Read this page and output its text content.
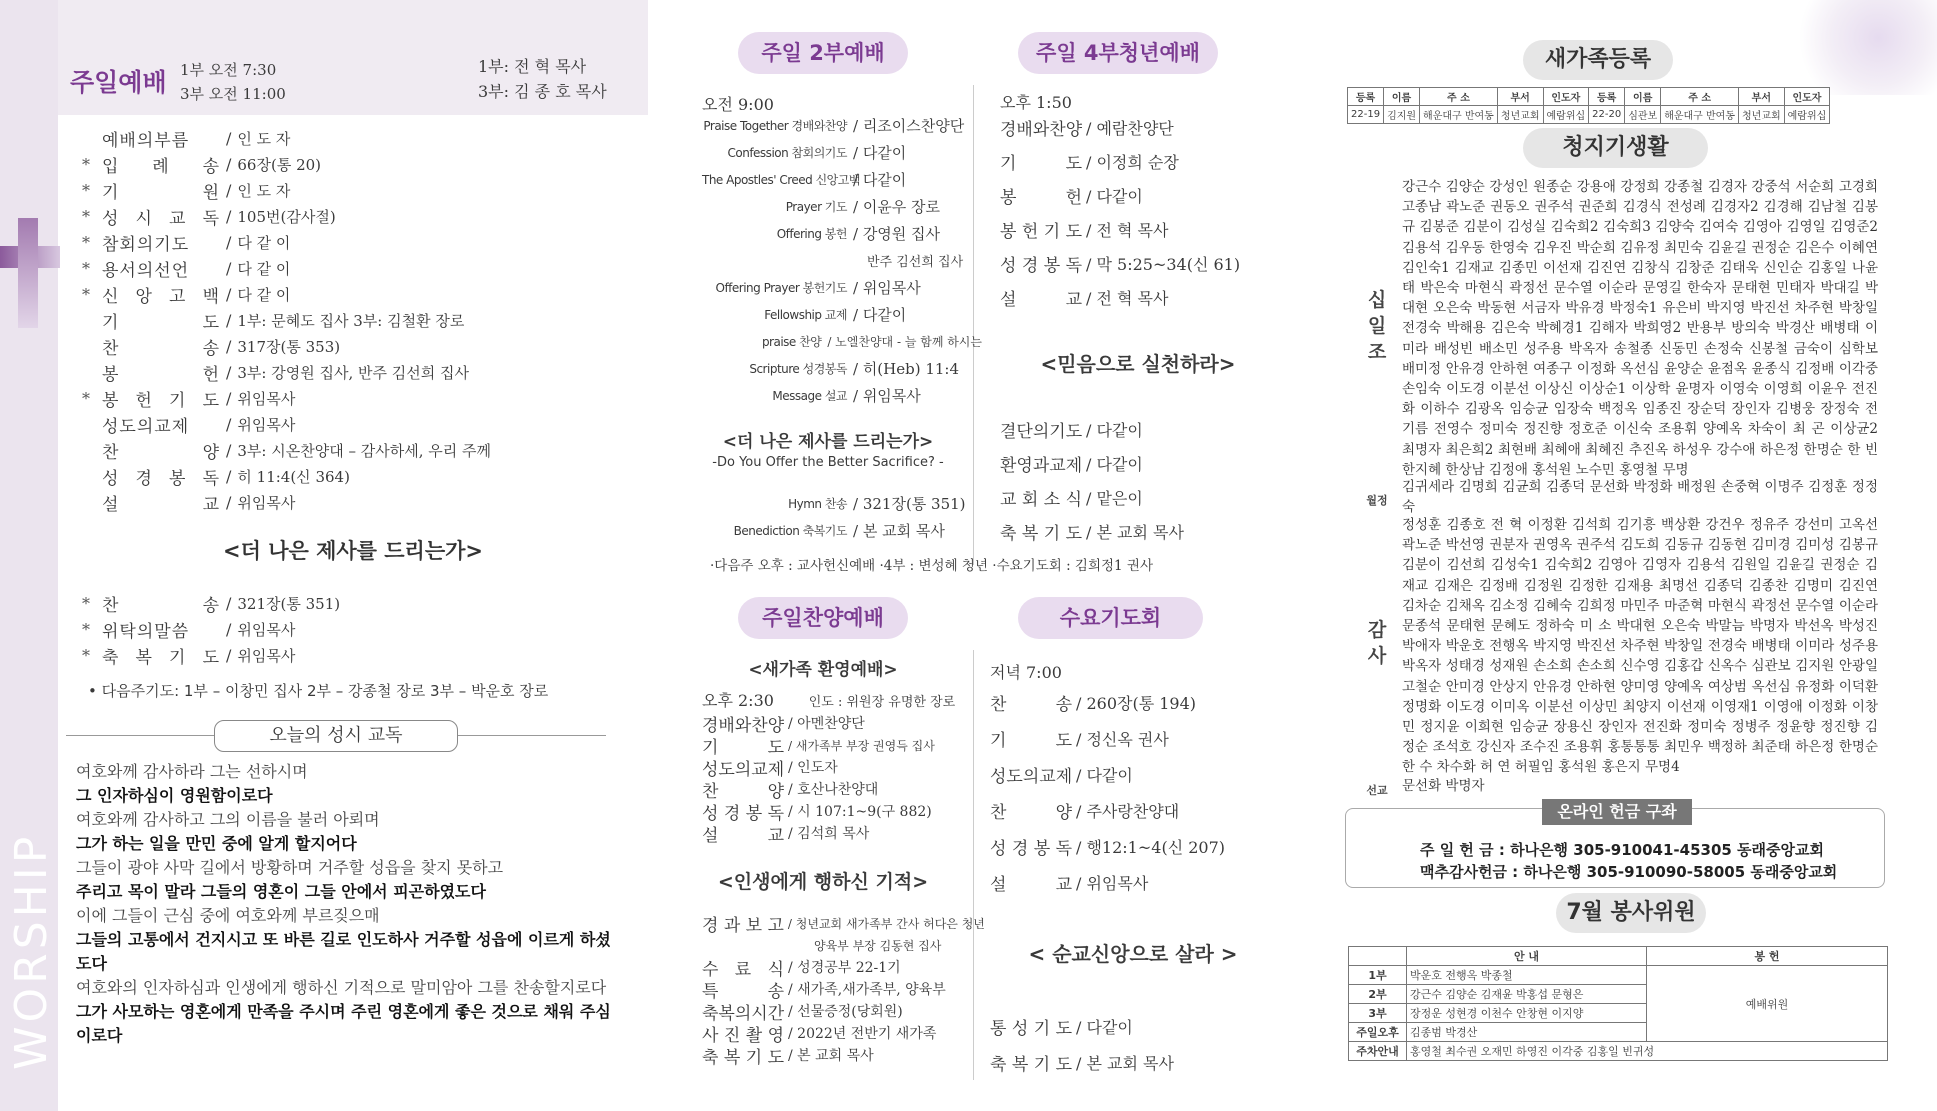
WORSHIP
주일예배 1부 오전 7:30
3부 오전 11:00
1부: 전 혁 목사
3부: 김 종 호 목사
예배의부름	/ 인 도 자
* 입 례 송 / 66장(통 20)
* 기 원 / 인 도 자
* 성 시 교 독 / 105번(감사절)
* 참회의기도	/ 다 같 이
* 용서의선언	/ 다 같 이
* 신 앙 고 백 / 다 같 이
기 도 / 1부: 문혜도 집사 3부: 김철환 장로
찬 송 / 317장(통 353)
봉 헌 / 3부: 강영원 집사, 반주 김선희 집사
* 봉 헌 기 도 / 위임목사
성도의교제	/ 위임목사
찬 양 / 3부: 시온찬양대 – 감사하세, 우리 주께
성 경 봉 독 / 히 11:4(신 364)
설 교 / 위임목사
<더 나은 제사를 드리는가>
* 찬 송 / 321장(통 351)
* 위탁의말씀	/ 위임목사
* 축 복 기 도 / 위임목사
• 다음주기도: 1부 – 이창민 집사 2부 – 강종철 장로 3부 – 박운호 장로
오늘의 성시 교독
여호와께 감사하라 그는 선하시며
그 인자하심이 영원함이로다
여호와께 감사하고 그의 이름을 불러 아뢰며
그가 하는 일을 만민 중에 알게 할지어다
그들이 광야 사막 길에서 방황하며 거주할 성읍을 찾지 못하고
주리고 목이 말라 그들의 영혼이 그들 안에서 피곤하였도다
이에 그들이 근심 중에 여호와께 부르짖으매
그들의 고통에서 건지시고 또 바른 길로 인도하사 거주할 성읍에 이르게 하셨도다
여호와의 인자하심과 인생에게 행하신 기적으로 말미암아 그를 찬송할지로다
그가 사모하는 영혼에게 만족을 주시며 주린 영혼에게 좋은 것으로 채워 주심이로다
주일 2부예배
오전 9:00
Praise Together 경배와찬양 / 리조이스찬양단
Confession 참회의기도 / 다같이
The Apostles' Creed 신앙고백
/ 다같이
Prayer 기도 / 이윤우 장로
Offering 봉헌 / 강영원 집사
반주 김선희 집사
Offering Prayer 봉헌기도 / 위임목사
Fellowship 교제 / 다같이
praise 찬양 / 노엘찬양대 - 늘 함께 하시는
Scripture 성경봉독 / 히(Heb) 11:4
Message 설교 / 위임목사
<더 나은 제사를 드리는가>
-Do You Offer the Better Sacrifice? -
Hymn 찬송 / 321장(통 351)
Benediction 축복기도 / 본 교회 목사
·다음주 오후 : 교사헌신예배 ·4부 : 변성혜 청년 ·수요기도회 : 김희정1 권사
주일 4부청년예배
오후 1:50
경배와찬양 / 예람찬양단
기 도 / 이정희 순장
봉 헌 / 다같이
봉 헌 기 도 / 전 혁 목사
성 경 봉 독 / 막 5:25~34(신 61)
설 교 / 전 혁 목사
<믿음으로 실천하라>
결단의기도 / 다같이
환영과교제 / 다같이
교 회 소 식 / 맡은이
축 복 기 도 / 본 교회 목사
주일찬양예배
<새가족 환영예배>
오후 2:30	인도 : 위원장 유명한 장로
경배와찬양 / 아멘찬양단
기 도 / 새가족부 부장 권영득 집사
성도의교제 / 인도자
찬 양 / 호산나찬양대
성 경 봉 독 / 시 107:1~9(구 882)
설 교 / 김석희 목사
<인생에게 행하신 기적>
경 과 보 고 / 청년교회 새가족부 간사 허다은 청년
양육부 부장 김동현 집사
수 료 식 / 성경공부 22-1기
특 송 / 새가족,새가족부, 양육부
축복의시간 / 선물증정(당회원)
사 진 촬 영 / 2022년 전반기 새가족
축 복 기 도 / 본 교회 목사
수요기도회
저녁 7:00
찬 송 / 260장(통 194)
기 도 / 정신옥 권사
성도의교제 / 다같이
찬 양 / 주사랑찬양대
성 경 봉 독 / 행12:1~4(신 207)
설 교 / 위임목사
< 순교신앙으로 살라 >
통 성 기 도 / 다같이
축 복 기 도 / 본 교회 목사
새가족등록
등록	이름	주 소	부서	인도자	등록	이름	주 소	부서	인도자
22-19	김지원	해운대구 반여동	청년교회	예람위십	22-20	심관보	해운대구 반여동	청년교회	예람위십
청지기생활
십일조
강근수 김양순 강성인 원종순 강용애 강정희 강종철 김경자 강중석 서순희 고경희 고종남 곽노준 권동오 권주석 권준희 김경식 전성례 김경자2 김경해 김남철 김봉규 김봉준 김분이 김성실 김숙희2 김숙희3 김양숙 김여숙 김영아 김영일 김영준2 김용석 김우동 한영숙 김우진 박순희 김유정 최민숙 김윤길 권정순 김은수 이혜연 김인숙1 김재교 김종민 이선재 김진연 김창식 김창준 김태욱 신인순 김홍일 나윤태 박은숙 마현식 곽정선 문수열 이순라 문영길 한숙자 문태현 민태자 박대길 박대현 오은숙 박동현 서금자 박유경 박정숙1 유은비 박지영 박진선 차주현 박창일 전경숙 박해용 김은숙 박혜경1 김해자 박희영2 반용부 방의숙 박경산 배병태 이미라 배성빈 배소민 성주용 박옥자 송철종 신동민 손정숙 신봉철 금숙이 심학보 배미정 안유경 안하현 여종구 이정화 옥선심 윤양순 윤점옥 윤종식 김정배 이각중 손임숙 이도경 이분선 이상신 이상순1 이상학 윤명자 이영숙 이영희 이윤우 전진화 이하수 김광옥 임승균 임장숙 백정옥 임종진 장순덕 장인자 김병웅 장정숙 전기름 전영수 정미숙 정진향 정호준 이신숙 조용휘 양예옥 차숙이 최 곤 이상균2 최명자 최은희2 최현배 최혜애 최혜진 추진옥 하성우 강수애 하은정 한명순 한 빈 한지혜 한상남 김정애 홍석원 노수민 홍영철 무명
월정
김귀세라 김명희 김균희 김종덕 문선화 박정화 배정원 손중혁 이명주 김정훈 정정숙
감사
정성훈 김종호 전 혁 이정환 김석희 김기흥 백상환 강건우 정유주 강선미 고옥선 곽노준 박선영 권분자 권영옥 권주석 김도희 김동규 김동현 김미경 김미성 김봉규 김분이 김선희 김성숙1 김숙희2 김영아 김영자 김용석 김원일 김윤길 권정순 김재교 김재은 김정배 김정원 김정한 김재용 최명선 김종덕 김종찬 김명미 김진연 김차순 김채옥 김소정 김혜숙 김희정 마민주 마준혁 마현식 곽정선 문수열 이순라 문종석 문태현 문혜도 정하숙 미 소 박대현 오은숙 박말늠 박명자 박선옥 박성진 박애자 박운호 전행옥 박지영 박진선 차주현 박창일 전경숙 배병태 이미라 성주용 박옥자 성태경 성재원 손소희 손소희 신수영 김홍갑 신옥수 심관보 김지원 안광일 고철순 안미경 안상지 안유경 안하현 양미영 양예옥 여상범 옥선심 유정화 이덕환 정명화 이도경 이미옥 이분선 이상민 최양지 이선재 이영재1 이영애 이정화 이창민 정지윤 이희현 임승균 장용신 장인자 전진화 정미숙 정병주 정윤향 정진향 김정순 조석호 강신자 조수진 조용휘 홍통통통 최민우 백정하 최준태 하은정 한명순 한 수 차수화 허 연 허필임 홍석원 홍은지 무명4
선교 문선화 박명자
온라인 헌금 구좌
주 일 헌 금 : 하나은행 305-910041-45305 동래중앙교회
맥추감사헌금 : 하나은행 305-910090-58005 동래중앙교회
7월 봉사위원
	안 내	봉 헌
1부	박운호 전행옥 박종철	예배위원
2부	강근수 김양순 김재윤 박홍섭 문형은	
3부	장정운 성현경 이천수 안창현 이지양	
주일오후	김종범 박경산	
주차안내	홍영철 최수권 오재민 하영진 이각중 김홍일 빈귀성	
